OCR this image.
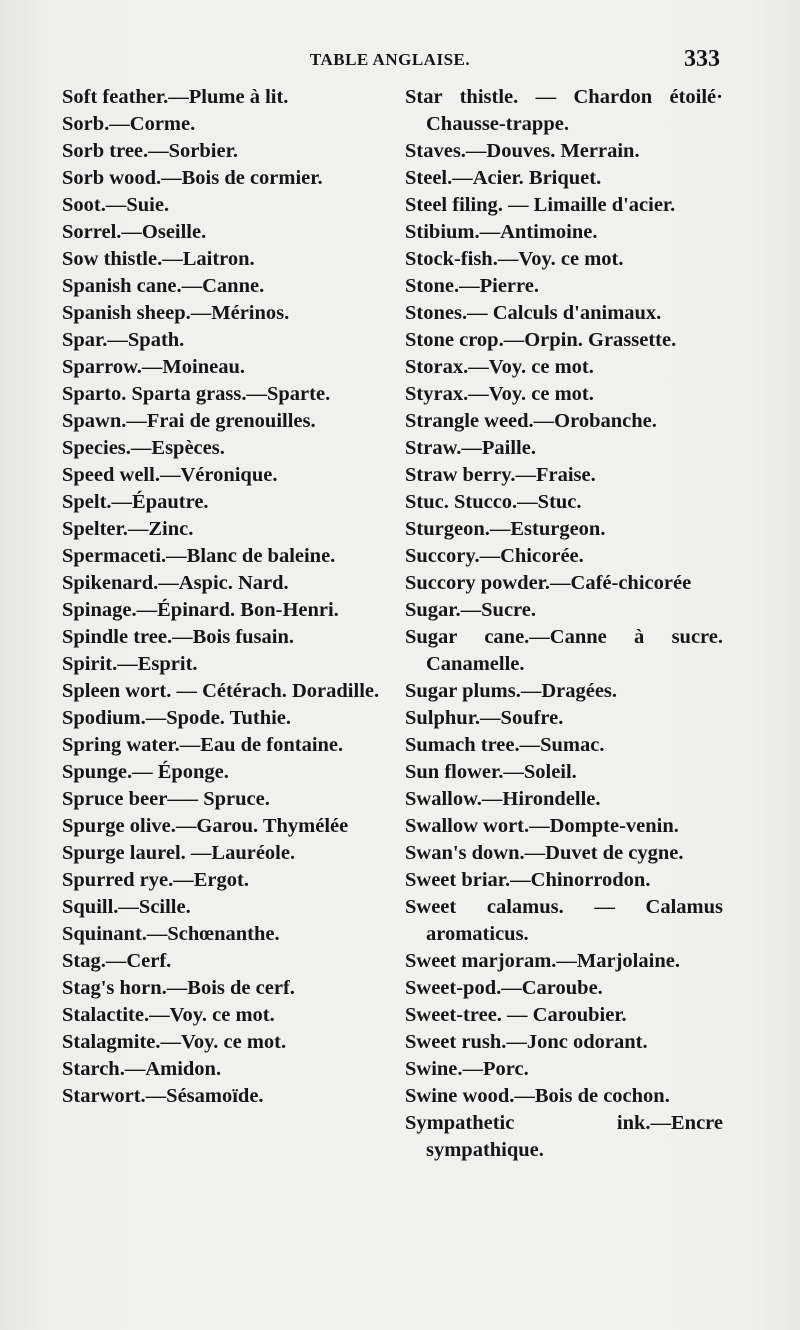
TABLE ANGLAISE.	333
Soft feather.—Plume à lit.
Sorb.—Corme.
Sorb tree.—Sorbier.
Sorb wood.—Bois de cormier.
Soot.—Suie.
Sorrel.—Oseille.
Sow thistle.—Laitron.
Spanish cane.—Canne.
Spanish sheep.—Mérinos.
Spar.—Spath.
Sparrow.—Moineau.
Sparto. Sparta grass.—Sparte.
Spawn.—Frai de grenouilles.
Species.—Espèces.
Speed well.—Véronique.
Spelt.—Épautre.
Spelter.—Zinc.
Spermaceti.—Blanc de baleine.
Spikenard.—Aspic. Nard.
Spinage.—Épinard. Bon-Henri.
Spindle tree.—Bois fusain.
Spirit.—Esprit.
Spleen wort. — Cétérach. Doradille.
Spodium.—Spode. Tuthie.
Spring water.—Eau de fontaine.
Spunge.— Éponge.
Spruce beer—– Spruce.
Spurge olive.—Garou. Thymélée
Spurge laurel. —Lauréole.
Spurred rye.—Ergot.
Squill.—Scille.
Squinant.—Schœnanthe.
Stag.—Cerf.
Stag's horn.—Bois de cerf.
Stalactite.—Voy. ce mot.
Stalagmite.—Voy. ce mot.
Starch.—Amidon.
Starwort.—Sésamoïde.
Star thistle. — Chardon étoilé· Chausse-trappe.
Staves.—Douves. Merrain.
Steel.—Acier. Briquet.
Steel filing. — Limaille d'acier.
Stibium.—Antimoine.
Stock-fish.—Voy. ce mot.
Stone.—Pierre.
Stones.— Calculs d'animaux.
Stone crop.—Orpin. Grassette.
Storax.—Voy. ce mot.
Styrax.—Voy. ce mot.
Strangle weed.—Orobanche.
Straw.—Paille.
Straw berry.—Fraise.
Stuc. Stucco.—Stuc.
Sturgeon.—Esturgeon.
Succory.—Chicorée.
Succory powder.—Café-chicorée
Sugar.—Sucre.
Sugar cane.—Canne à sucre. Canamelle.
Sugar plums.—Dragées.
Sulphur.—Soufre.
Sumach tree.—Sumac.
Sun flower.—Soleil.
Swallow.—Hirondelle.
Swallow wort.—Dompte-venin.
Swan's down.—Duvet de cygne.
Sweet briar.—Chinorrodon.
Sweet calamus. — Calamus aromaticus.
Sweet marjoram.—Marjolaine.
Sweet-pod.—Caroube.
Sweet-tree. — Caroubier.
Sweet rush.—Jonc odorant.
Swine.—Porc.
Swine wood.—Bois de cochon.
Sympathetic ink.—Encre sympathique.
